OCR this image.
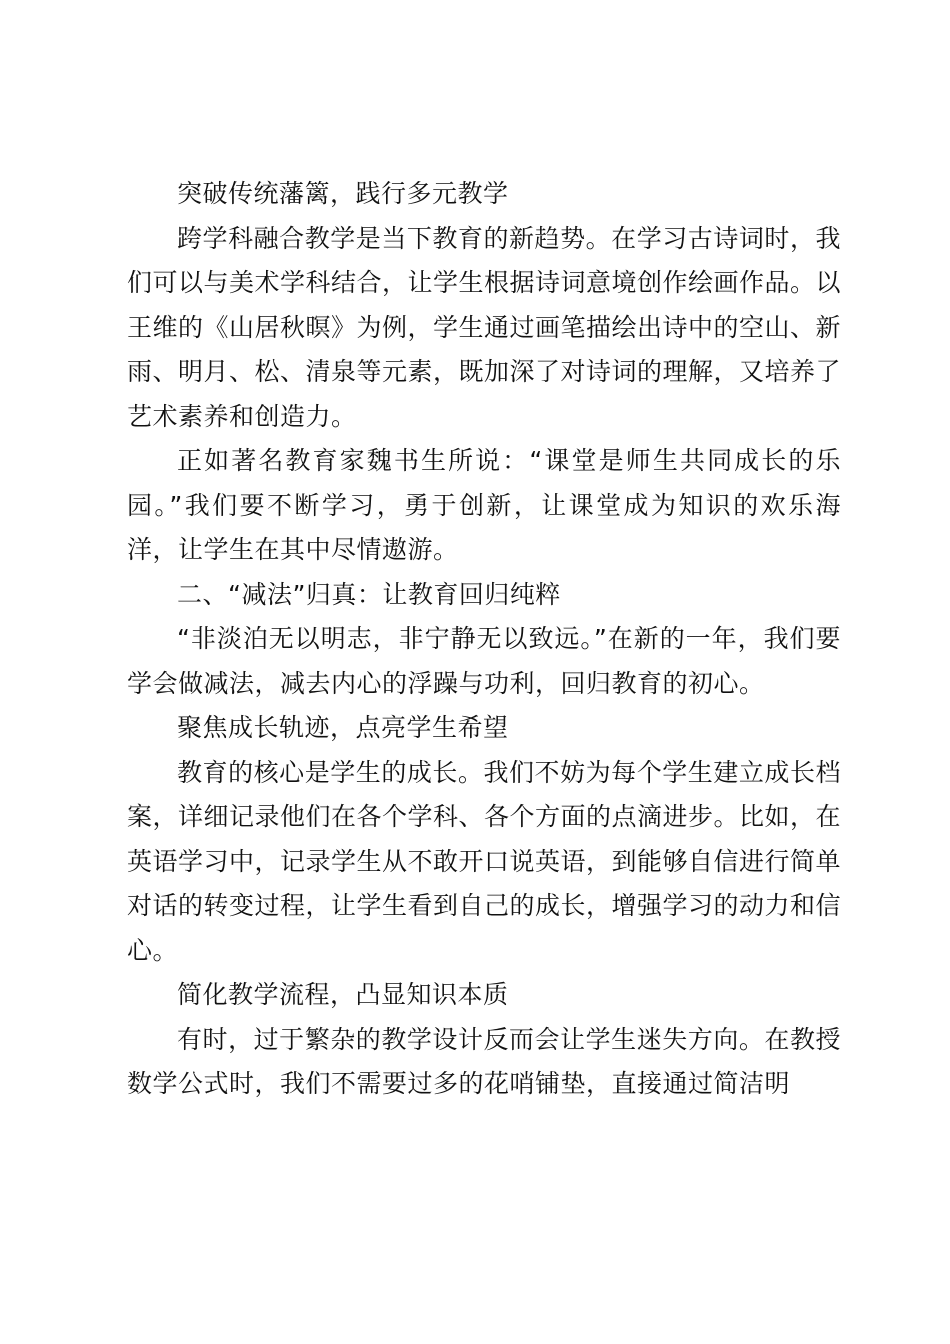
突破传统藩篱，践行多元教学

跨学科融合教学是当下教育的新趋势。在学习古诗词时，我们可以与美术学科结合，让学生根据诗词意境创作绘画作品。以王维的《山居秋暝》为例，学生通过画笔描绘出诗中的空山、新雨、明月、松、清泉等元素，既加深了对诗词的理解，又培养了艺术素养和创造力。

正如著名教育家魏书生所说：“课堂是师生共同成长的乐园。”我们要不断学习，勇于创新，让课堂成为知识的欢乐海洋，让学生在其中尽情遨游。

二、“减法”归真：让教育回归纯粹

“非淡泊无以明志，非宁静无以致远。”在新的一年，我们要学会做减法，减去内心的浮躁与功利，回归教育的初心。

聚焦成长轨迹，点亮学生希望

教育的核心是学生的成长。我们不妨为每个学生建立成长档案，详细记录他们在各个学科、各个方面的点滴进步。比如，在英语学习中，记录学生从不敢开口说英语，到能够自信进行简单对话的转变过程，让学生看到自己的成长，增强学习的动力和信心。

简化教学流程，凸显知识本质

有时，过于繁杂的教学设计反而会让学生迷失方向。在教授数学公式时，我们不需要过多的花哨铺垫，直接通过简洁明
